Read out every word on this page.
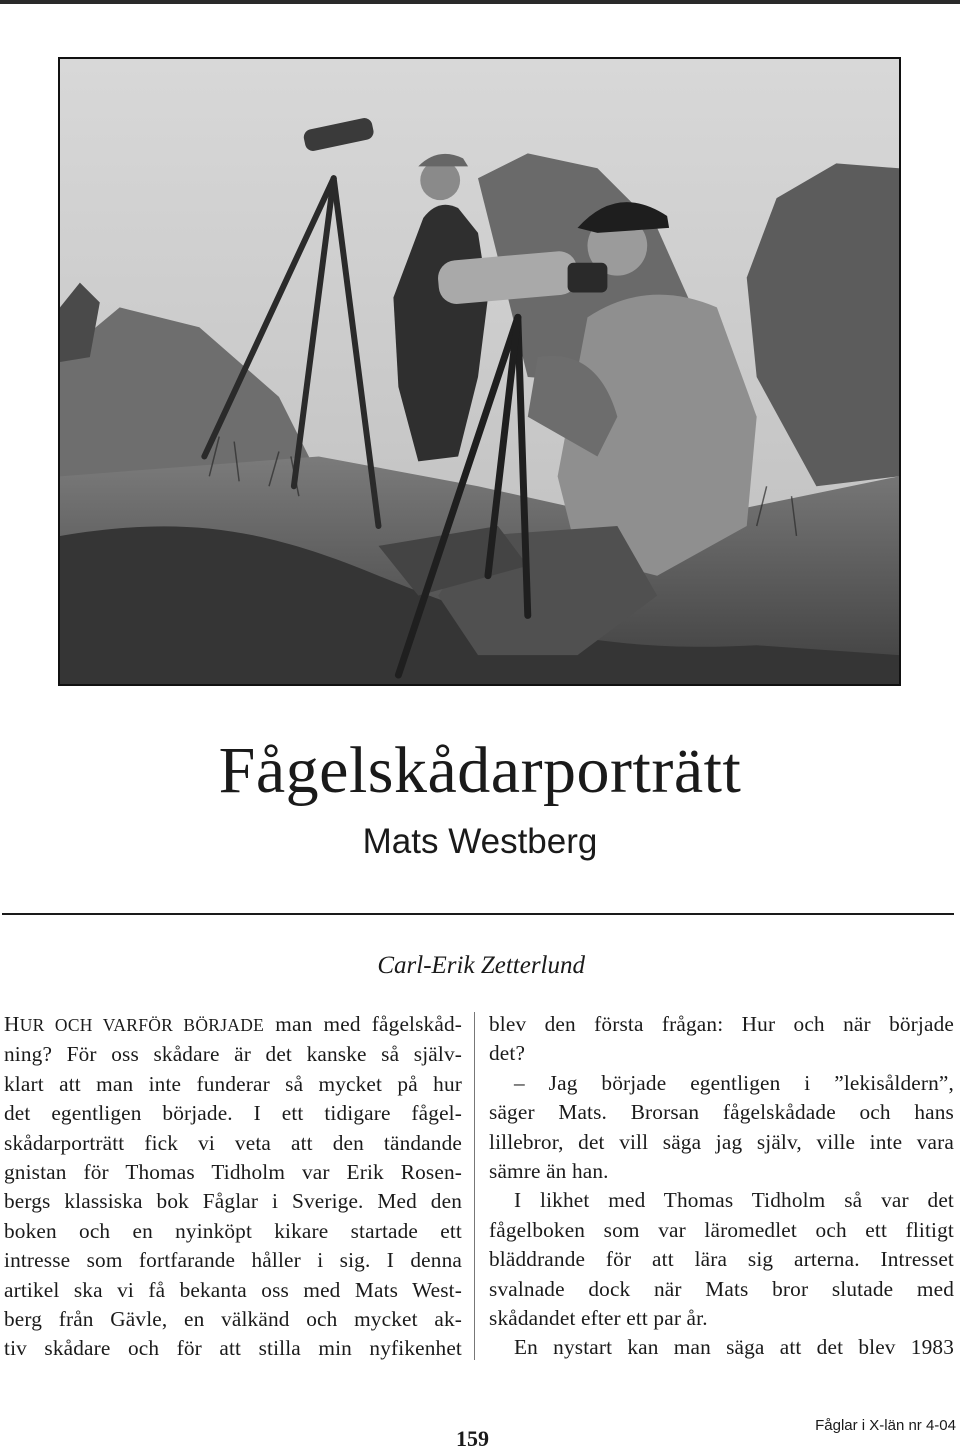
Fågelskådarporträtt
Mats Westberg
Carl-Erik Zetterlund
HUR OCH VARFÖR BÖRJADE man med fågelskåd-
ning? För oss skådare är det kanske så själv-
klart att man inte funderar så mycket på hur
det egentligen började. I ett tidigare fågel-
skådarporträtt fick vi veta att den tändande
gnistan för Thomas Tidholm var Erik Rosen-
bergs klassiska bok Fåglar i Sverige. Med den
boken och en nyinköpt kikare startade ett
intresse som fortfarande håller i sig. I denna
artikel ska vi få bekanta oss med Mats West-
berg från Gävle, en välkänd och mycket ak-
tiv skådare och för att stilla min nyfikenhet
blev den första frågan: Hur och när började
det?
– Jag började egentligen i ”lekisåldern”,
säger Mats. Brorsan fågelskådade och hans
lillebror, det vill säga jag själv, ville inte vara
sämre än han.
I likhet med Thomas Tidholm så var det
fågelboken som var läromedlet och ett flitigt
bläddrande för att lära sig arterna. Intresset
svalnade dock när Mats bror slutade med
skådandet efter ett par år.
En nystart kan man säga att det blev 1983
159
Fåglar i X-län nr 4-04
